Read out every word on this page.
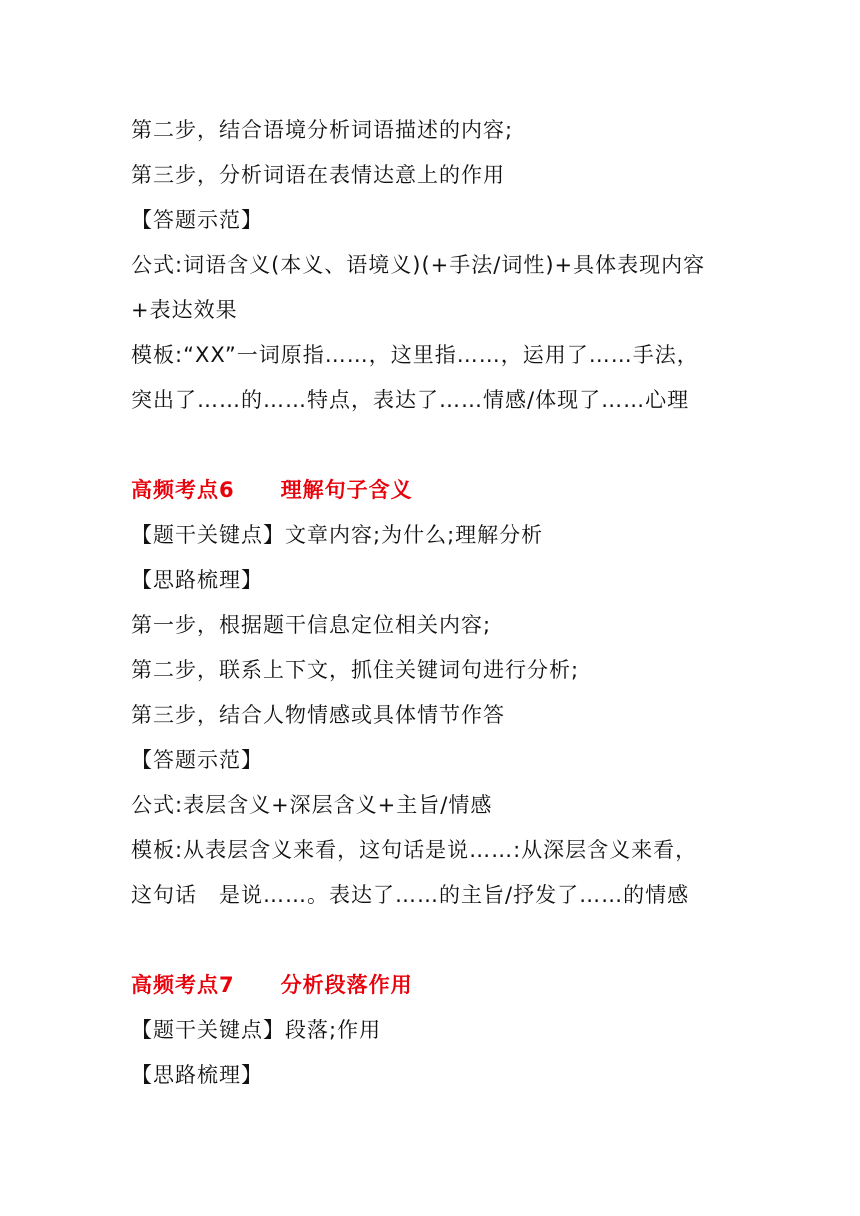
第二步，结合语境分析词语描述的内容;
第三步，分析词语在表情达意上的作用
【答题示范】
公式:词语含义(本义、语境义)(+手法/词性)+具体表现内容
+表达效果
模板:“XX”一词原指……，这里指……，运用了……手法，
突出了……的……特点，表达了……情感/体现了……心理
高频考点6 理解句子含义
【题干关键点】文章内容;为什么;理解分析
【思路梳理】
第一步，根据题干信息定位相关内容;
第二步，联系上下文，抓住关键词句进行分析;
第三步，结合人物情感或具体情节作答
【答题示范】
公式:表层含义+深层含义+主旨/情感
模板:从表层含义来看，这句话是说……:从深层含义来看，
这句话　是说……。表达了……的主旨/抒发了……的情感
高频考点7 分析段落作用
【题干关键点】段落;作用
【思路梳理】
